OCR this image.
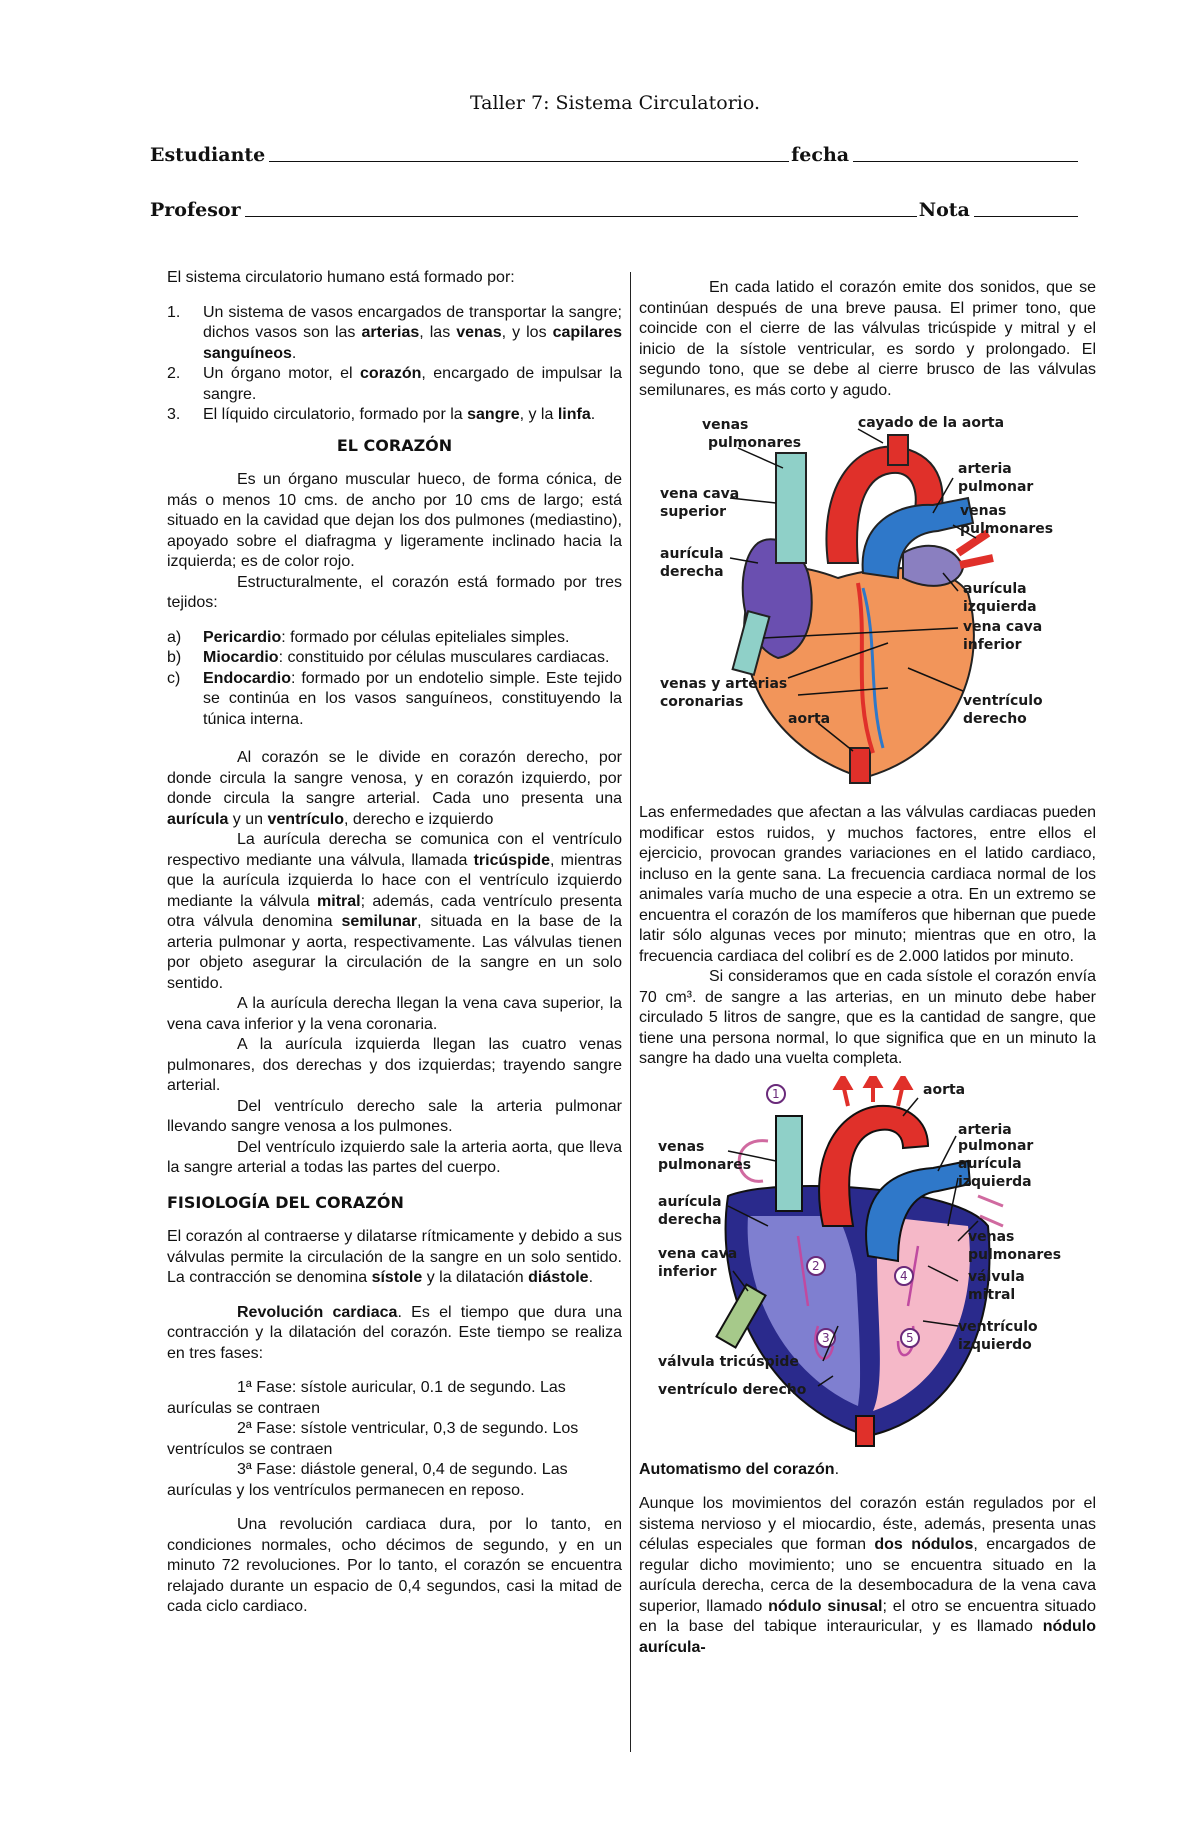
Taller 7: Sistema Circulatorio.
Estudiante	fecha
Profesor	Nota

El sistema circulatorio humano está formado por:

1.	Un sistema de vasos encargados de transportar la sangre; dichos vasos son las arterias, las venas, y los capilares sanguíneos.
2.	Un órgano motor, el corazón, encargado de impulsar la sangre.
3.	El líquido circulatorio, formado por la sangre, y la linfa.

EL CORAZÓN

Es un órgano muscular hueco, de forma cónica, de más o menos 10 cms. de ancho por 10 cms de largo; está situado en la cavidad que dejan los dos pulmones (mediastino), apoyado sobre el diafragma y ligeramente inclinado hacia la izquierda; es de color rojo.

Estructuralmente, el corazón está formado por tres tejidos:

a)	Pericardio: formado por células epiteliales simples.
b)	Miocardio: constituido por células musculares cardiacas.
c)	Endocardio: formado por un endotelio simple. Este tejido se continúa en los vasos sanguíneos, constituyendo la túnica interna.

Al corazón se le divide en corazón derecho, por donde circula la sangre venosa, y en corazón izquierdo, por donde circula la sangre arterial. Cada uno presenta una aurícula y un ventrículo, derecho e izquierdo

La aurícula derecha se comunica con el ventrículo respectivo mediante una válvula, llamada tricúspide, mientras que la aurícula izquierda lo hace con el ventrículo izquierdo mediante la válvula mitral; además, cada ventrículo presenta otra válvula denomina semilunar, situada en la base de la arteria pulmonar y aorta, respectivamente. Las válvulas tienen por objeto asegurar la circulación de la sangre en un solo sentido.

A la aurícula derecha llegan la vena cava superior, la vena cava inferior y la vena coronaria.

A la aurícula izquierda llegan las cuatro venas pulmonares, dos derechas y dos izquierdas; trayendo sangre arterial.

Del ventrículo derecho sale la arteria pulmonar llevando sangre venosa a los pulmones.

Del ventrículo izquierdo sale la arteria aorta, que lleva la sangre arterial a todas las partes del cuerpo.

FISIOLOGÍA DEL CORAZÓN

El corazón al contraerse y dilatarse rítmicamente y debido a sus válvulas permite la circulación de la sangre en un solo sentido. La contracción se denomina sístole y la dilatación diástole.

Revolución cardiaca. Es el tiempo que dura una contracción y la dilatación del corazón. Este tiempo se realiza en tres fases:

1ª Fase: sístole auricular, 0.1 de segundo. Las aurículas se contraen

2ª Fase: sístole ventricular, 0,3 de segundo. Los ventrículos se contraen

3ª Fase: diástole general, 0,4 de segundo. Las aurículas y los ventrículos permanecen en reposo.

Una revolución cardiaca dura, por lo tanto, en condiciones normales, ocho décimos de segundo, y en un minuto 72 revoluciones. Por lo tanto, el corazón se encuentra relajado durante un espacio de 0,4 segundos, casi la mitad de cada ciclo cardiaco.

En cada latido el corazón emite dos sonidos, que se continúan después de una breve pausa. El primer tono, que coincide con el cierre de las válvulas tricúspide y mitral y el inicio de la sístole ventricular, es sordo y prolongado. El segundo tono, que se debe al cierre brusco de las válvulas semilunares, es más corto y agudo.

venas
pulmonares
cayado de la aorta
vena cava
superior
arteria
pulmonar
venas
pulmonares
aurícula
derecha
aurícula
izquierda
vena cava
inferior
venas y arterias
coronarias
aorta
ventrículo
derecho

Las enfermedades que afectan a las válvulas cardiacas pueden modificar estos ruidos, y muchos factores, entre ellos el ejercicio, provocan grandes variaciones en el latido cardiaco, incluso en la gente sana. La frecuencia cardiaca normal de los animales varía mucho de una especie a otra. En un extremo se encuentra el corazón de los mamíferos que hibernan que puede latir sólo algunas veces por minuto; mientras que en otro, la frecuencia cardiaca del colibrí es de 2.000 latidos por minuto.

Si consideramos que en cada sístole el corazón envía 70 cm³. de sangre a las arterias, en un minuto debe haber circulado 5 litros de sangre, que es la cantidad de sangre, que tiene una persona normal, lo que significa que en un minuto la sangre ha dado una vuelta completa.

1
2
3
4
5
aorta
arteria
pulmonar
venas
pulmonares	aurícula
izquierda
aurícula
derecha
venas
pulmonares
vena cava
inferior	válvula
mitral
válvula tricúspide
ventrículo
izquierdo
ventrículo derecho

Automatismo del corazón.

Aunque los movimientos del corazón están regulados por el sistema nervioso y el miocardio, éste, además, presenta unas células especiales que forman dos nódulos, encargados de regular dicho movimiento; uno se encuentra situado en la aurícula derecha, cerca de la desembocadura de la vena cava superior, llamado nódulo sinusal; el otro se encuentra situado en la base del tabique interauricular, y es llamado nódulo aurícula-
